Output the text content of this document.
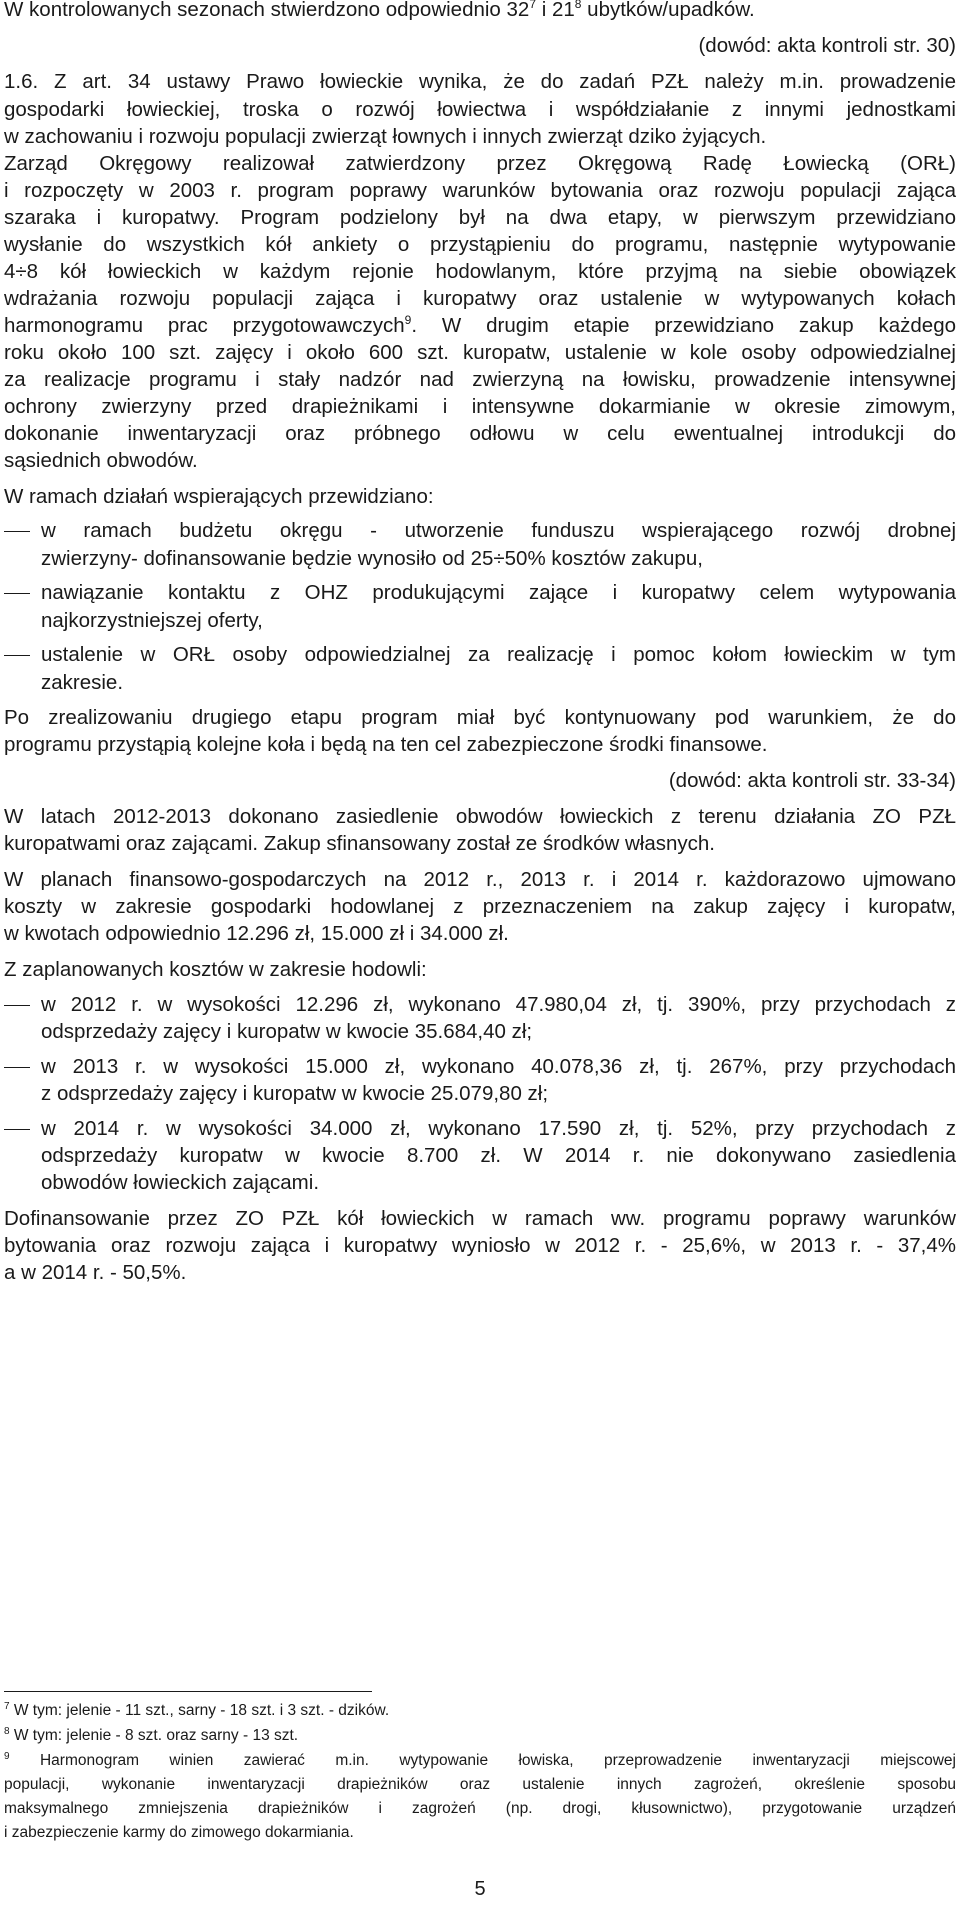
W kontrolowanych sezonach stwierdzono odpowiednio $32^7$ i $21^8$ ubytków/upadków.
(dowód: akta kontroli str. 30)
1.6. Z art. 34 ustawy Prawo łowieckie wynika, że do zadań PZŁ należy m.in. prowadzenie
gospodarki łowieckiej, troska o rozwój łowiectwa i współdziałanie z innymi jednostkami
w zachowaniu i rozwoju populacji zwierząt łownych i innych zwierząt dziko żyjących.
Zarząd Okręgowy realizował zatwierdzony przez Okręgową Radę Łowiecką (ORŁ)
i rozpoczęty w 2003 r. program poprawy warunków bytowania oraz rozwoju populacji zająca
szaraka i kuropatwy. Program podzielony był na dwa etapy, w pierwszym przewidziano
wysłanie do wszystkich kół ankiety o przystąpieniu do programu, następnie wytypowanie
4÷8 kół łowieckich w każdym rejonie hodowlanym, które przyjmą na siebie obowiązek
wdrażania rozwoju populacji zająca i kuropatwy oraz ustalenie w wytypowanych kołach
harmonogramu prac przygotowawczych$^9$. W drugim etapie przewidziano zakup każdego
roku około 100 szt. zajęcy i około 600 szt. kuropatw, ustalenie w kole osoby odpowiedzialnej
za realizacje programu i stały nadzór nad zwierzyną na łowisku, prowadzenie intensywnej
ochrony zwierzyny przed drapieżnikami i intensywne dokarmianie w okresie zimowym,
dokonanie inwentaryzacji oraz próbnego odłowu w celu ewentualnej introdukcji do
sąsiednich obwodów.
W ramach działań wspierających przewidziano:
w ramach budżetu okręgu - utworzenie funduszu wspierającego rozwój drobnej
zwierzyny- dofinansowanie będzie wynosiło od 25÷50% kosztów zakupu,
nawiązanie kontaktu z OHZ produkującymi zające i kuropatwy celem wytypowania
najkorzystniejszej oferty,
ustalenie w ORŁ osoby odpowiedzialnej za realizację i pomoc kołom łowieckim w tym
zakresie.
Po zrealizowaniu drugiego etapu program miał być kontynuowany pod warunkiem, że do
programu przystąpią kolejne koła i będą na ten cel zabezpieczone środki finansowe.
(dowód: akta kontroli str. 33-34)
W latach 2012-2013 dokonano zasiedlenie obwodów łowieckich z terenu działania ZO PZŁ
kuropatwami oraz zającami. Zakup sfinansowany został ze środków własnych.
W planach finansowo-gospodarczych na 2012 r., 2013 r. i 2014 r. każdorazowo ujmowano
koszty w zakresie gospodarki hodowlanej z przeznaczeniem na zakup zajęcy i kuropatw,
w kwotach odpowiednio 12.296 zł, 15.000 zł i 34.000 zł.
Z zaplanowanych kosztów w zakresie hodowli:
w 2012 r. w wysokości 12.296 zł, wykonano 47.980,04 zł, tj. 390%, przy przychodach z
odsprzedaży zajęcy i kuropatw w kwocie 35.684,40 zł;
w 2013 r. w wysokości 15.000 zł, wykonano 40.078,36 zł, tj. 267%, przy przychodach
z odsprzedaży zajęcy i kuropatw w kwocie 25.079,80 zł;
w 2014 r. w wysokości 34.000 zł, wykonano 17.590 zł, tj. 52%, przy przychodach z
odsprzedaży kuropatw w kwocie 8.700 zł. W 2014 r. nie dokonywano zasiedlenia
obwodów łowieckich zającami.
Dofinansowanie przez ZO PZŁ kół łowieckich w ramach ww. programu poprawy warunków
bytowania oraz rozwoju zająca i kuropatwy wyniosło w 2012 r. - 25,6%, w 2013 r. - 37,4%
a w 2014 r. - 50,5%.
$^7$ W tym: jelenie - 11 szt., sarny - 18 szt. i 3 szt. - dzików.
$^8$ W tym: jelenie - 8 szt. oraz sarny - 13 szt.
$^9$ Harmonogram winien zawierać m.in. wytypowanie łowiska, przeprowadzenie inwentaryzacji miejscowej
populacji, wykonanie inwentaryzacji drapieżników oraz ustalenie innych zagrożeń, określenie sposobu
maksymalnego zmniejszenia drapieżników i zagrożeń (np. drogi, kłusownictwo), przygotowanie urządzeń
i zabezpieczenie karmy do zimowego dokarmiania.
5
